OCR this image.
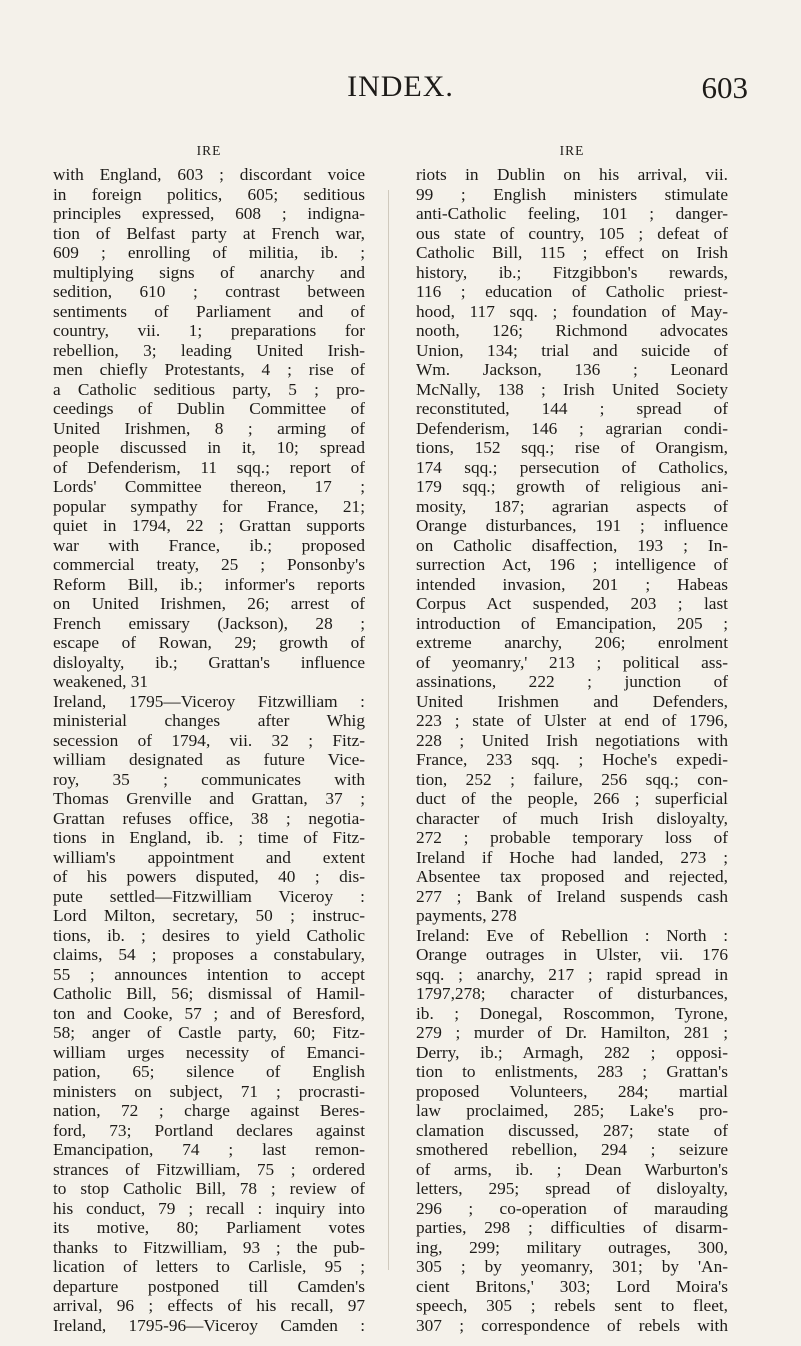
INDEX.	603
IRE
with England, 603 ; discordant voice
in foreign politics, 605; seditious
principles expressed, 608 ; indigna-
tion of Belfast party at French war,
609 ; enrolling of militia, ib. ;
multiplying signs of anarchy and
sedition, 610 ; contrast between
sentiments of Parliament and of
country, vii. 1; preparations for
rebellion, 3; leading United Irish-
men chiefly Protestants, 4 ; rise of
a Catholic seditious party, 5 ; pro-
ceedings of Dublin Committee of
United Irishmen, 8 ; arming of
people discussed in it, 10; spread
of Defenderism, 11 sqq.; report of
Lords' Committee thereon, 17 ;
popular sympathy for France, 21;
quiet in 1794, 22 ; Grattan supports
war with France, ib.; proposed
commercial treaty, 25 ; Ponsonby's
Reform Bill, ib.; informer's reports
on United Irishmen, 26; arrest of
French emissary (Jackson), 28 ;
escape of Rowan, 29; growth of
disloyalty, ib.; Grattan's influence
weakened, 31
Ireland, 1795—Viceroy Fitzwilliam :
ministerial changes after Whig
secession of 1794, vii. 32 ; Fitz-
william designated as future Vice-
roy, 35 ; communicates with
Thomas Grenville and Grattan, 37 ;
Grattan refuses office, 38 ; negotia-
tions in England, ib. ; time of Fitz-
william's appointment and extent
of his powers disputed, 40 ; dis-
pute settled—Fitzwilliam Viceroy :
Lord Milton, secretary, 50 ; instruc-
tions, ib. ; desires to yield Catholic
claims, 54 ; proposes a constabulary,
55 ; announces intention to accept
Catholic Bill, 56; dismissal of Hamil-
ton and Cooke, 57 ; and of Beresford,
58; anger of Castle party, 60; Fitz-
william urges necessity of Emanci-
pation, 65; silence of English
ministers on subject, 71 ; procrasti-
nation, 72 ; charge against Beres-
ford, 73; Portland declares against
Emancipation, 74 ; last remon-
strances of Fitzwilliam, 75 ; ordered
to stop Catholic Bill, 78 ; review of
his conduct, 79 ; recall : inquiry into
its motive, 80; Parliament votes
thanks to Fitzwilliam, 93 ; the pub-
lication of letters to Carlisle, 95 ;
departure postponed till Camden's
arrival, 96 ; effects of his recall, 97
Ireland, 1795-96—Viceroy Camden :
IRE
riots in Dublin on his arrival, vii.
99 ; English ministers stimulate
anti-Catholic feeling, 101 ; danger-
ous state of country, 105 ; defeat of
Catholic Bill, 115 ; effect on Irish
history, ib.; Fitzgibbon's rewards,
116 ; education of Catholic priest-
hood, 117 sqq. ; foundation of May-
nooth, 126; Richmond advocates
Union, 134; trial and suicide of
Wm. Jackson, 136 ; Leonard
McNally, 138 ; Irish United Society
reconstituted, 144 ; spread of
Defenderism, 146 ; agrarian condi-
tions, 152 sqq.; rise of Orangism,
174 sqq.; persecution of Catholics,
179 sqq.; growth of religious ani-
mosity, 187; agrarian aspects of
Orange disturbances, 191 ; influence
on Catholic disaffection, 193 ; In-
surrection Act, 196 ; intelligence of
intended invasion, 201 ; Habeas
Corpus Act suspended, 203 ; last
introduction of Emancipation, 205 ;
extreme anarchy, 206; enrolment
of yeomanry,' 213 ; political ass-
assinations, 222 ; junction of
United Irishmen and Defenders,
223 ; state of Ulster at end of 1796,
228 ; United Irish negotiations with
France, 233 sqq. ; Hoche's expedi-
tion, 252 ; failure, 256 sqq.; con-
duct of the people, 266 ; superficial
character of much Irish disloyalty,
272 ; probable temporary loss of
Ireland if Hoche had landed, 273 ;
Absentee tax proposed and rejected,
277 ; Bank of Ireland suspends cash
payments, 278
Ireland: Eve of Rebellion : North :
Orange outrages in Ulster, vii. 176
sqq. ; anarchy, 217 ; rapid spread in
1797,278; character of disturbances,
ib. ; Donegal, Roscommon, Tyrone,
279 ; murder of Dr. Hamilton, 281 ;
Derry, ib.; Armagh, 282 ; opposi-
tion to enlistments, 283 ; Grattan's
proposed Volunteers, 284; martial
law proclaimed, 285; Lake's pro-
clamation discussed, 287; state of
smothered rebellion, 294 ; seizure
of arms, ib. ; Dean Warburton's
letters, 295; spread of disloyalty,
296 ; co-operation of marauding
parties, 298 ; difficulties of disarm-
ing, 299; military outrages, 300,
305 ; by yeomanry, 301; by 'An-
cient Britons,' 303; Lord Moira's
speech, 305 ; rebels sent to fleet,
307 ; correspondence of rebels with
